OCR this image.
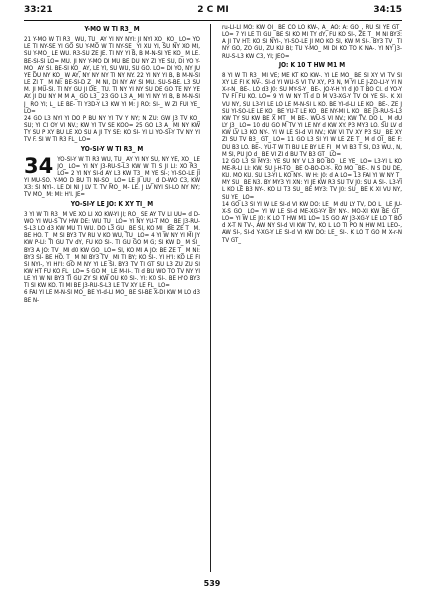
33:21	2 C MI	34:15
Y-MO W TI R3_ M

21 Y-MO W TI R3_ WU, TU_ AY YI NY NYI: JI NYI XO_ KO_ LO= YO LE TI NY-SE YI GO SU Y-MO W TI NY-SE_ YI XU YI, SU NY XO MI, SU Y-MO_ LE WU. R3-SU ZE JE. TI NY YI B, B M-N-SI YE KO_ M LE. BE-SI-SI LO= MU. JI NY Y-MO DI MU BE DU NY ZI YE SU, DI YO Y-MO_ AY SI. BE-SI KO_ AY, LE YI, SU WU, SU GO. LO= DI YO, NY JU YE DU NY KO_ W AY, NY NY NY TI NY NY. 22 YI NY YI B, B M-N-SI LE ZI T_ M NI: BE-SI-D Z_ M NI, DI NY AY SI MU. SU-S-BE. L3 SU M. JI MU-SI. TI NY GU JI DE_ TU. TI NY YI NY SU DE GO TE NY YE AY. JI DU NY M M A_ GO L3_ 23 GO L3 A_ MI YI NY YI B, B M-N-SI J_ RO YI; L_ LE BE- TI Y3D-Y L3 KW YI M: J RO: SI-_ W ZI FUI YE_ LO=

24 GO L3 NYI YI DO P BU NY YI TV Y NY; N ZU: GW J3 TV KO_ SU; YI CI OY VI NV.; KW YI TV SE KOO= 25 GO L3 A_ MI NY KW TY SU P XY BU LE XO SU A JI TY SE: KO SI- YI LI YO-SI-Y TV NY YI TV F. SI W TI R3 FL_ LO=

YO-SI-Y W TI R3_ M

34 YO-SI-Y W TI R3 WU, TU_ AY YI NY SU, NY YE, XO_ LE JO_ LO= YI NY J3-RU-S-L3 KW W TI S JI LI: XO R3_ LO= 2 YI NY SI-d AY L3 KW T3_ M YE SI-; YI-SO-LE JI YI MU-SO. Y-MO D BU TI NI-SO_ LO= LE JI UU_ d D-WO C3, KW X3: SI NYI-. LE DI NI J LV T. TV MO_ M- LE. J LV NYI SI-LO NY NY; TV MO_ M: MI: H'I. JE=

YO-SI-Y LE JO: K XY TI_ M

3 YI W TI R3_ M VE XO LI XO KW-YI JI; RO_ SE AY TV LI UU= d D-WO YI WU-S TV HW DE: WU TU_ LO= YI NY YU-T MO_ BE J3-RU-S-L3 LO d3 KW MU TI WU. DO L3 GU_ BE SI, KO MI_ BE ZE T_ M. BE HO. T_ M SI BY3 TV RU V KO WU, TU_ LO= 4 YI W NY YI MI JY KW P-LI: TI GU TV dY, FU KO SI-. TI GU GO M G; SI KW D_ M SI_ BY3 A JO: TV_ MI d0 KW GO_ LO= SI, KO MI A JO: BE ZE T_ M NI: BY3 SI- BE HO. T_ M NI BY3 TV_ MI TI BY; KO SI-. YI H'I: KO LE FI SI NYI-, YI HI'I: GO M NY YI LE SI. BY3 TV TI GT SU L3 ZU ZU SI KW HT FU KO FL_ LO= 5 GO M_ LE M-II-. TI d BU WO TO TV NY YI LE YI W NI BY3 TI GU ZY SI KW OU K0 SI-. YI: K0 SI-. BE H'O BY3 TI SI KW KO. TI MI BE J3-RU-S-L3 LE TV XY LE FL_ LO=

6 FAI YI LE M-N-SI MO_ BE YI-d-LI MO_ BE SI-BE X-DI KW M LO d3 BE N-

ru-LI-LI MO: KW OI_ BE CO LO KW-, A_ AO: A: GO_, RU SI YE GT_ LO= 7 YI LE TI GU_ BE SI KO MI TY dY, FU KO SI-, ZE T_ M NI BY3: A JI TV HT: KO SI NYI-, YI-SO-LE JI MO KO SI, KW M SI-. BY3 TV_ TI NY GO, ZO GU, ZU KU BI; TU Y-MO_ MI DI KO TO K NA-. YI NY J3-RU-S-L3 KW C3, YI; JEO=

JO: K 10 T HW M1 M

8 YI W TI R3_ MI VE; ME KT KO KW-. YI LE MO_ BE SI XY VI TV SI XY LE FI K NV-. SI-d YI WU-S VI TV XY, P3 N, M YI LE J-ZO-LI-Y YI N X-r-N_ BE-. LO d3 J0: SU MY-S-Y_ BE-. JO-Y-H YI d J0 T BO CI. d YO-Y TV FI FU KO. LO= 9 YI W NY TI d D M V3-XG-Y TV OI YE SI-. K XI VU NY, SU L3-YI LE LO LE M-N-SI L KO. BE YI-d-LI LE KO_ BE-. ZE J SU YI-SO-LE LE KO_ BE YU-T LE KO_ BE NY-MI L KO_ BE J3-RU-S-L3 KW TY SU KW BE X MT_ M BE-. WU-S VI NV.; KW TV. DO L_ M dU LY J3_ LO= 10 dU GO M TV YI LE NY d KW XY. P3 MY3 LO. SU LV d KW LV L3 KO NY-. YI W LE SI-d VI NV.; KW VI TV XY P3 SU_ BE XY ZI SU TV B3_ GT_ LO= 11 GO L3 SI YI W LE ZE T_ M d OI_ BE F: DU B3 LO. BE-. YU-T W TI BU LE BY LE FI_ M VI B3 T SI, D3 WU., N, M SI, PU JO d_ BE VI ZI d BU TV B3 GT_ LO=

12 GO L3 SI MY3: YE SU NY V L3 BO BO_ LE YE_ LO= L3-YI L KO ME-R-LI LI: KW. SU J-H-TO_ BE O-BO-D-Y-. KO MO_ BE-. N S DU DE, KU. MO KU. SU L3-YI L KO NY-. W H: J0: d A LO= 13 FAI YI W NY T_ MY SU_ BE N3. BY MY3 YI XN: YI JE KW R3 SU TV J0: SU A SI-. L3-YI L KO LE B3 NY-. KO LI T3 SU_ BE MY3: TV J0: SU_ BE K XI VU NY, SU YE_ LO=

14 GO L3 SI YI W LE SI-d VI KW DO: LE_ M dU LY TV, DO L_ LE JU-X-S GO_ LO= YI W LE SI-d ME-XG-Y-Y BY NY-. MO-XI KW BE GT_ LO= YI W LE J0: K LO T HW M1 LO= 15 GO AY J3-XG-Y LE LO T BO d X-T N TV-, AW NY SI-d VI KW TV, KO L LO TI PO N HW M1 LEO-, AW SI-, SI-d Y-XG-Y LE SI-d VI KW DO: LE_ SI-. K LO T GO M X-r-N TV GT_

539
